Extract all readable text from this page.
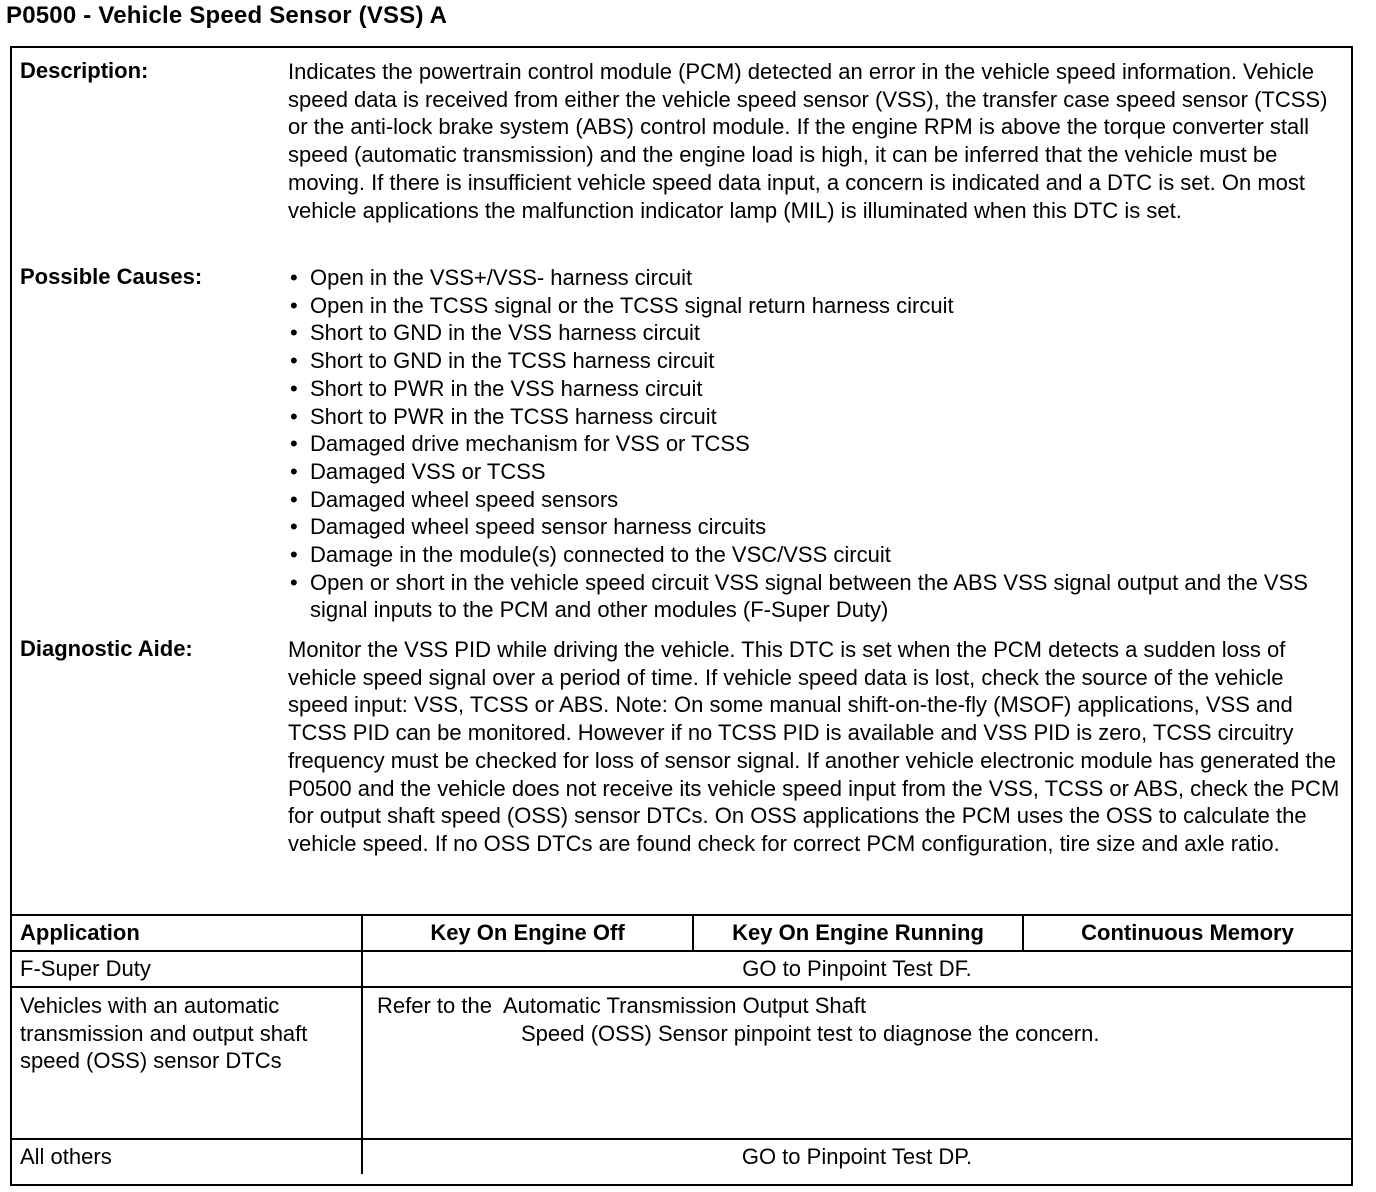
P0500 - Vehicle Speed Sensor (VSS) A
Description:	Indicates the powertrain control module (PCM) detected an error in the vehicle speed information. Vehicle speed data is received from either the vehicle speed sensor (VSS), the transfer case speed sensor (TCSS) or the anti-lock brake system (ABS) control module. If the engine RPM is above the torque converter stall speed (automatic transmission) and the engine load is high, it can be inferred that the vehicle must be moving. If there is insufficient vehicle speed data input, a concern is indicated and a DTC is set. On most vehicle applications the malfunction indicator lamp (MIL) is illuminated when this DTC is set.

Possible Causes:	• Open in the VSS+/VSS- harness circuit
• Open in the TCSS signal or the TCSS signal return harness circuit
• Short to GND in the VSS harness circuit
• Short to GND in the TCSS harness circuit
• Short to PWR in the VSS harness circuit
• Short to PWR in the TCSS harness circuit
• Damaged drive mechanism for VSS or TCSS
• Damaged VSS or TCSS
• Damaged wheel speed sensors
• Damaged wheel speed sensor harness circuits
• Damage in the module(s) connected to the VSC/VSS circuit
• Open or short in the vehicle speed circuit VSS signal between the ABS VSS signal output and the VSS signal inputs to the PCM and other modules (F-Super Duty)
Diagnostic Aide:	Monitor the VSS PID while driving the vehicle. This DTC is set when the PCM detects a sudden loss of vehicle speed signal over a period of time. If vehicle speed data is lost, check the source of the vehicle speed input: VSS, TCSS or ABS. Note: On some manual shift-on-the-fly (MSOF) applications, VSS and TCSS PID can be monitored. However if no TCSS PID is available and VSS PID is zero, TCSS circuitry frequency must be checked for loss of sensor signal. If another vehicle electronic module has generated the P0500 and the vehicle does not receive its vehicle speed input from the VSS, TCSS or ABS, check the PCM for output shaft speed (OSS) sensor DTCs. On OSS applications the PCM uses the OSS to calculate the vehicle speed. If no OSS DTCs are found check for correct PCM configuration, tire size and axle ratio.

Application	Key On Engine Off	Key On Engine Running	Continuous Memory
F-Super Duty	GO to Pinpoint Test DF.		
Vehicles with an automatic transmission and output shaft speed (OSS) sensor DTCs	Refer to the  Automatic Transmission Output Shaft
Speed (OSS) Sensor pinpoint test to diagnose the concern.		

All others	GO to Pinpoint Test DP.		
